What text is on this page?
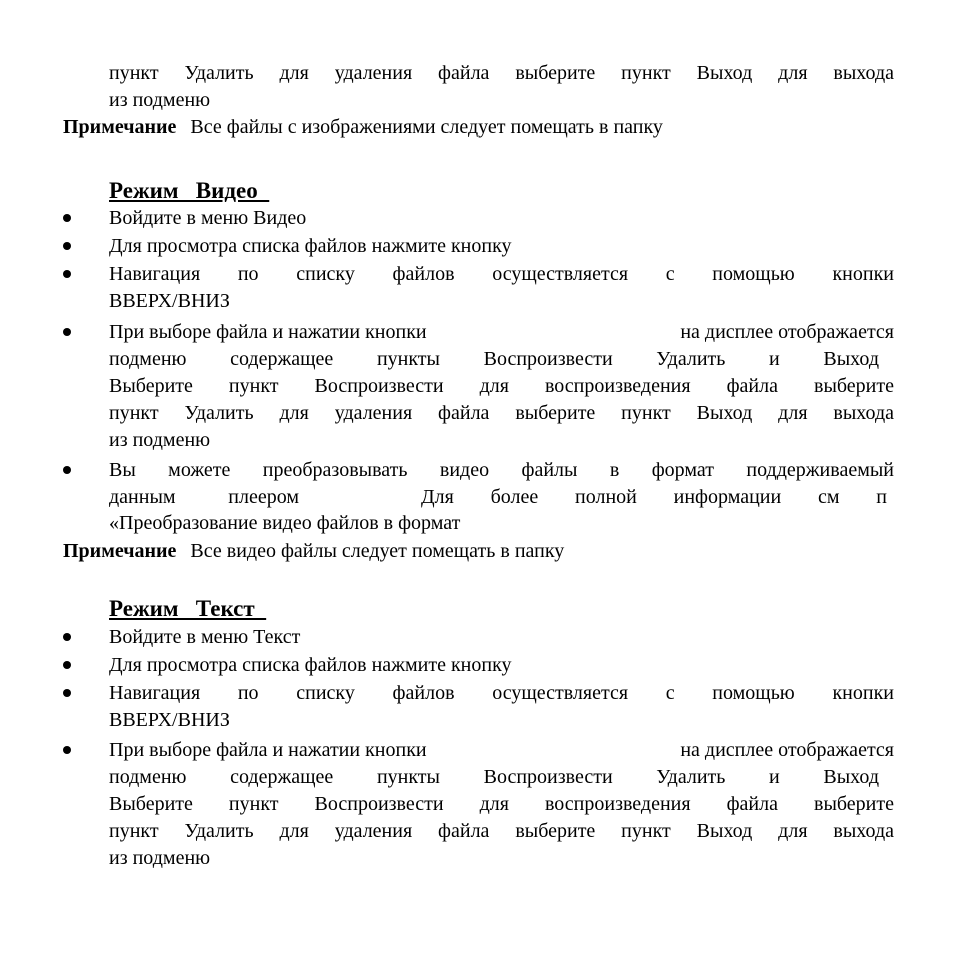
пункт Удалить для удаления файла выберите пункт Выход для выхода
из подменю
Примечание Все файлы с изображениями следует помещать в папку
Режим   Видео
Войдите в меню Видео
Для просмотра списка файлов нажмите кнопку
Навигация по списку файлов осуществляется с помощью кнопки
ВВЕРХ/ВНИЗ
При выборе файла и нажатии кнопки	на дисплее отображается
подменю содержащее пункты Воспроизвести Удалить и Выход
Выберите пункт Воспроизвести для воспроизведения файла выберите
пункт Удалить для удаления файла выберите пункт Выход для выхода
из подменю
Вы можете преобразовывать видео файлы в формат поддерживаемый
данным плеером	Для более полной информации см п
«Преобразование видео файлов в формат
Примечание Все видео файлы следует помещать в папку
Режим   Текст
Войдите в меню Текст
Для просмотра списка файлов нажмите кнопку
Навигация по списку файлов осуществляется с помощью кнопки
ВВЕРХ/ВНИЗ
При выборе файла и нажатии кнопки	на дисплее отображается
подменю содержащее пункты Воспроизвести Удалить и Выход
Выберите пункт Воспроизвести для воспроизведения файла выберите
пункт Удалить для удаления файла выберите пункт Выход для выхода
из подменю
